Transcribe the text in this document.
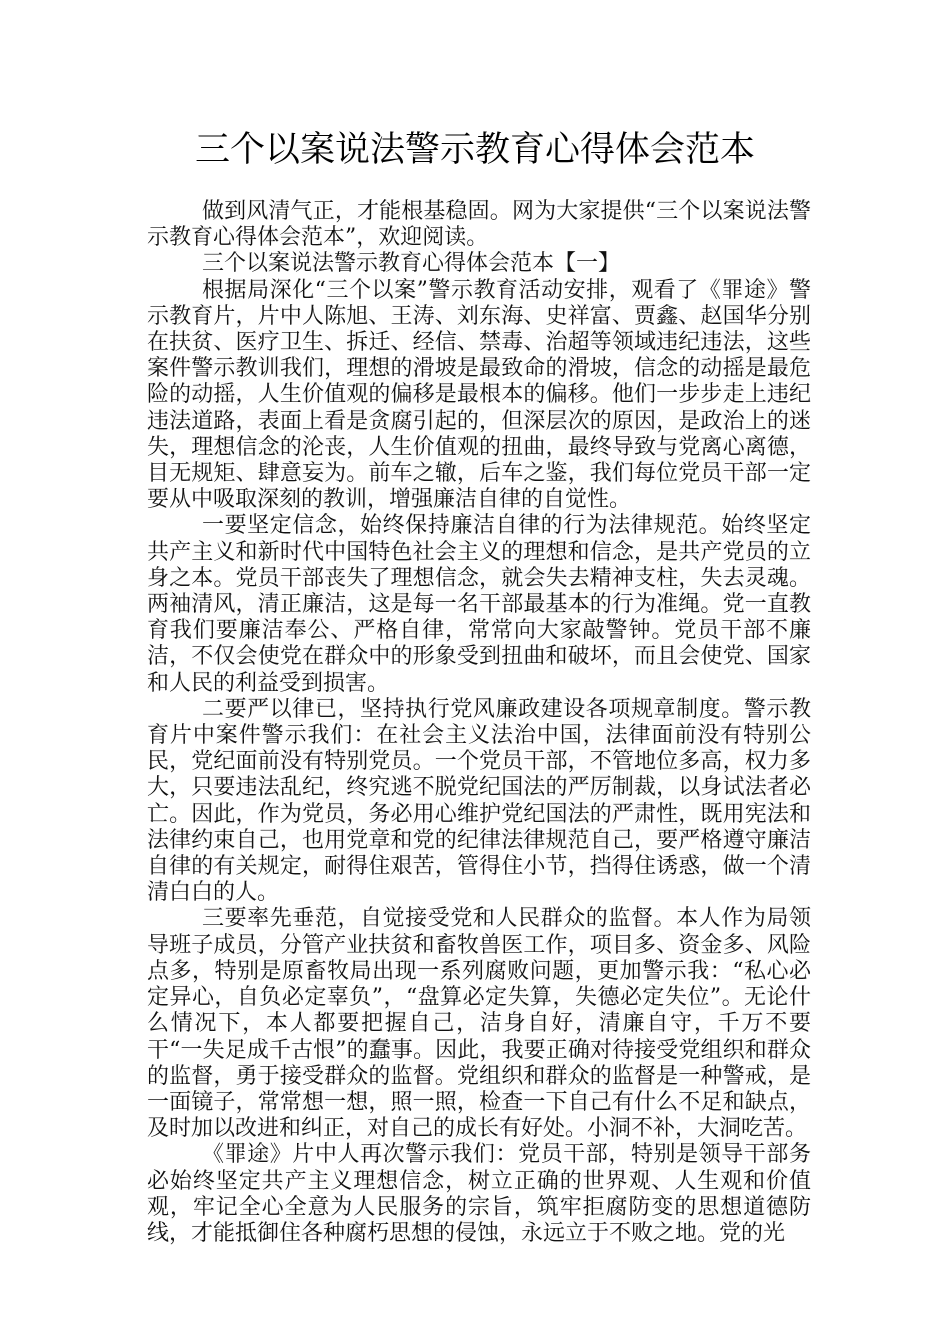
三个以案说法警示教育心得体会范本

做到风清气正，才能根基稳固。网为大家提供“三个以案说法警示教育心得体会范本”，欢迎阅读。

三个以案说法警示教育心得体会范本【一】

根据局深化“三个以案”警示教育活动安排，观看了《罪途》警示教育片，片中人陈旭、王涛、刘东海、史祥富、贾鑫、赵国华分别在扶贫、医疗卫生、拆迁、经信、禁毒、治超等领域违纪违法，这些案件警示教训我们，理想的滑坡是最致命的滑坡，信念的动摇是最危险的动摇，人生价值观的偏移是最根本的偏移。他们一步步走上违纪违法道路，表面上看是贪腐引起的，但深层次的原因，是政治上的迷失，理想信念的沦丧，人生价值观的扭曲，最终导致与党离心离德，目无规矩、肆意妄为。前车之辙，后车之鉴，我们每位党员干部一定要从中吸取深刻的教训，增强廉洁自律的自觉性。

一要坚定信念，始终保持廉洁自律的行为法律规范。始终坚定共产主义和新时代中国特色社会主义的理想和信念，是共产党员的立身之本。党员干部丧失了理想信念，就会失去精神支柱，失去灵魂。两袖清风，清正廉洁，这是每一名干部最基本的行为准绳。党一直教育我们要廉洁奉公、严格自律，常常向大家敲警钟。党员干部不廉洁，不仅会使党在群众中的形象受到扭曲和破坏，而且会使党、国家和人民的利益受到损害。

二要严以律已，坚持执行党风廉政建设各项规章制度。警示教育片中案件警示我们：在社会主义法治中国，法律面前没有特别公民，党纪面前没有特别党员。一个党员干部，不管地位多高，权力多大，只要违法乱纪，终究逃不脱党纪国法的严厉制裁，以身试法者必亡。因此，作为党员，务必用心维护党纪国法的严肃性，既用宪法和法律约束自己，也用党章和党的纪律法律规范自己，要严格遵守廉洁自律的有关规定，耐得住艰苦，管得住小节，挡得住诱惑，做一个清清白白的人。

三要率先垂范，自觉接受党和人民群众的监督。本人作为局领导班子成员，分管产业扶贫和畜牧兽医工作，项目多、资金多、风险点多，特别是原畜牧局出现一系列腐败问题，更加警示我：“私心必定异心，自负必定辜负”，“盘算必定失算，失德必定失位”。无论什么情况下，本人都要把握自己，洁身自好，清廉自守，千万不要干“一失足成千古恨”的蠢事。因此，我要正确对待接受党组织和群众的监督，勇于接受群众的监督。党组织和群众的监督是一种警戒，是一面镜子，常常想一想，照一照，检查一下自己有什么不足和缺点，及时加以改进和纠正，对自己的成长有好处。小洞不补，大洞吃苦。

《罪途》片中人再次警示我们：党员干部，特别是领导干部务必始终坚定共产主义理想信念，树立正确的世界观、人生观和价值观，牢记全心全意为人民服务的宗旨，筑牢拒腐防变的思想道德防线，才能抵御住各种腐朽思想的侵蚀，永远立于不败之地。党的光
